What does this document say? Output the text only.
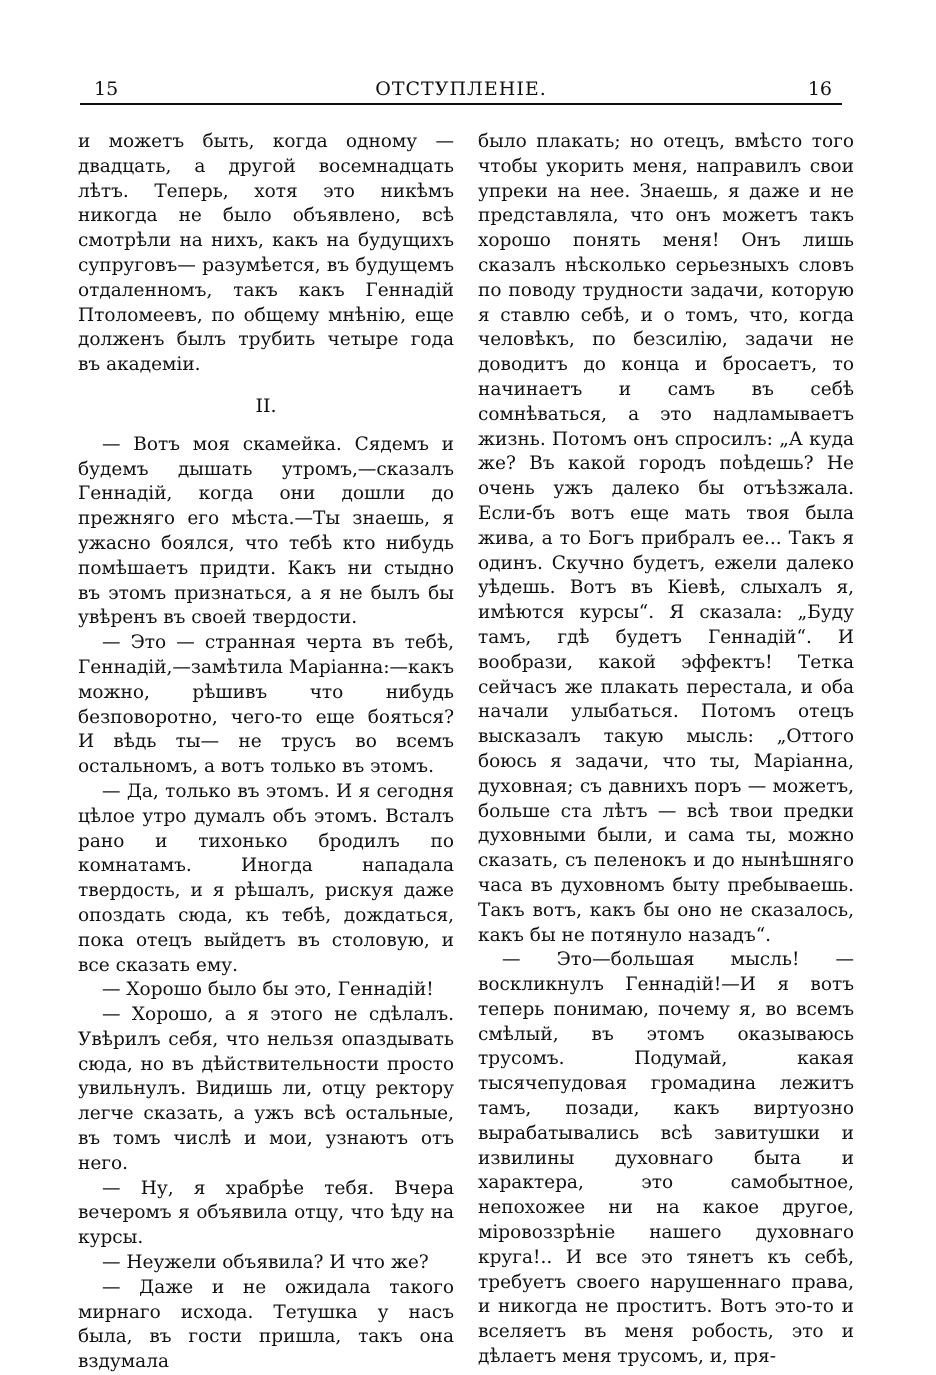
15	ОТСТУПЛЕНIЕ.	16

и можетъ быть, когда одному — двадцать, а другой восемнадцать лѣтъ. Теперь, хотя это никѣмъ никогда не было объявлено, всѣ смотрѣли на нихъ, какъ на будущихъ супруговъ— разумѣется, въ будущемъ отдаленномъ, такъ какъ Геннадій Птоломеевъ, по общему мнѣнію, еще долженъ былъ трубить четыре года въ академіи.

II.

— Вотъ моя скамейка. Сядемъ и будемъ дышать утромъ,—сказалъ Геннадій, когда они дошли до прежняго его мѣста.—Ты знаешь, я ужасно боялся, что тебѣ кто нибудь помѣшаетъ придти. Какъ ни стыдно въ этомъ признаться, а я не былъ бы увѣренъ въ своей твердости.

— Это — странная черта въ тебѣ, Геннадій,—замѣтила Маріанна:—какъ можно, рѣшивъ что нибудь безповоротно, чего-то еще бояться? И вѣдь ты— не трусъ во всемъ остальномъ, а вотъ только въ этомъ.

— Да, только въ этомъ. И я сегодня цѣлое утро думалъ объ этомъ. Всталъ рано и тихонько бродилъ по комнатамъ. Иногда нападала твердость, и я рѣшалъ, рискуя даже опоздать сюда, къ тебѣ, дождаться, пока отецъ выйдетъ въ столовую, и все сказать ему.

— Хорошо было бы это, Геннадій!

— Хорошо, а я этого не сдѣлалъ. Увѣрилъ себя, что нельзя опаздывать сюда, но въ дѣйствительности просто увильнулъ. Видишь ли, отцу ректору легче сказать, а ужъ всѣ остальные, въ томъ числѣ и мои, узнаютъ отъ него.

— Ну, я храбрѣе тебя. Вчера вечеромъ я объявила отцу, что ѣду на курсы.

— Неужели объявила? И что же?

— Даже и не ожидала такого мирнаго исхода. Тетушка у насъ была, въ гости пришла, такъ она вздумала

было плакать; но отецъ, вмѣсто того чтобы укорить меня, направилъ свои упреки на нее. Знаешь, я даже и не представляла, что онъ можетъ такъ хорошо понять меня! Онъ лишь сказалъ нѣсколько серьезныхъ словъ по поводу трудности задачи, которую я ставлю себѣ, и о томъ, что, когда человѣкъ, по безсилію, задачи не доводитъ до конца и бросаетъ, то начинаетъ и самъ въ себѣ сомнѣваться, а это надламываетъ жизнь. Потомъ онъ спросилъ: „А куда же? Въ какой городъ поѣдешь? Не очень ужъ далеко бы отъѣзжала. Если-бъ вотъ еще мать твоя была жива, а то Богъ прибралъ ее... Такъ я одинъ. Скучно будетъ, ежели далеко уѣдешь. Вотъ въ Кіевѣ, слыхалъ я, имѣются курсы“. Я сказала: „Буду тамъ, гдѣ будетъ Геннадій“. И вообрази, какой эффектъ! Тетка сейчасъ же плакать перестала, и оба начали улыбаться. Потомъ отецъ высказалъ такую мысль: „Оттого боюсь я задачи, что ты, Маріанна, духовная; съ давнихъ поръ — можетъ, больше ста лѣтъ — всѣ твои предки духовными были, и сама ты, можно сказать, съ пеленокъ и до нынѣшняго часа въ духовномъ быту пребываешь. Такъ вотъ, какъ бы оно не сказалось, какъ бы не потянуло назадъ“.

— Это—большая мысль! — воскликнулъ Геннадій!—И я вотъ теперь понимаю, почему я, во всемъ смѣлый, въ этомъ оказываюсь трусомъ. Подумай, какая тысячепудовая громадина лежитъ тамъ, позади, какъ виртуозно вырабатывались всѣ завитушки и извилины духовнаго быта и характера, это самобытное, непохожее ни на какое другое, міровоззрѣніе нашего духовнаго круга!.. И все это тянетъ къ себѣ, требуетъ своего нарушеннаго права, и никогда не проститъ. Вотъ это-то и вселяетъ въ меня робость, это и дѣлаетъ меня трусомъ, и, пря-
